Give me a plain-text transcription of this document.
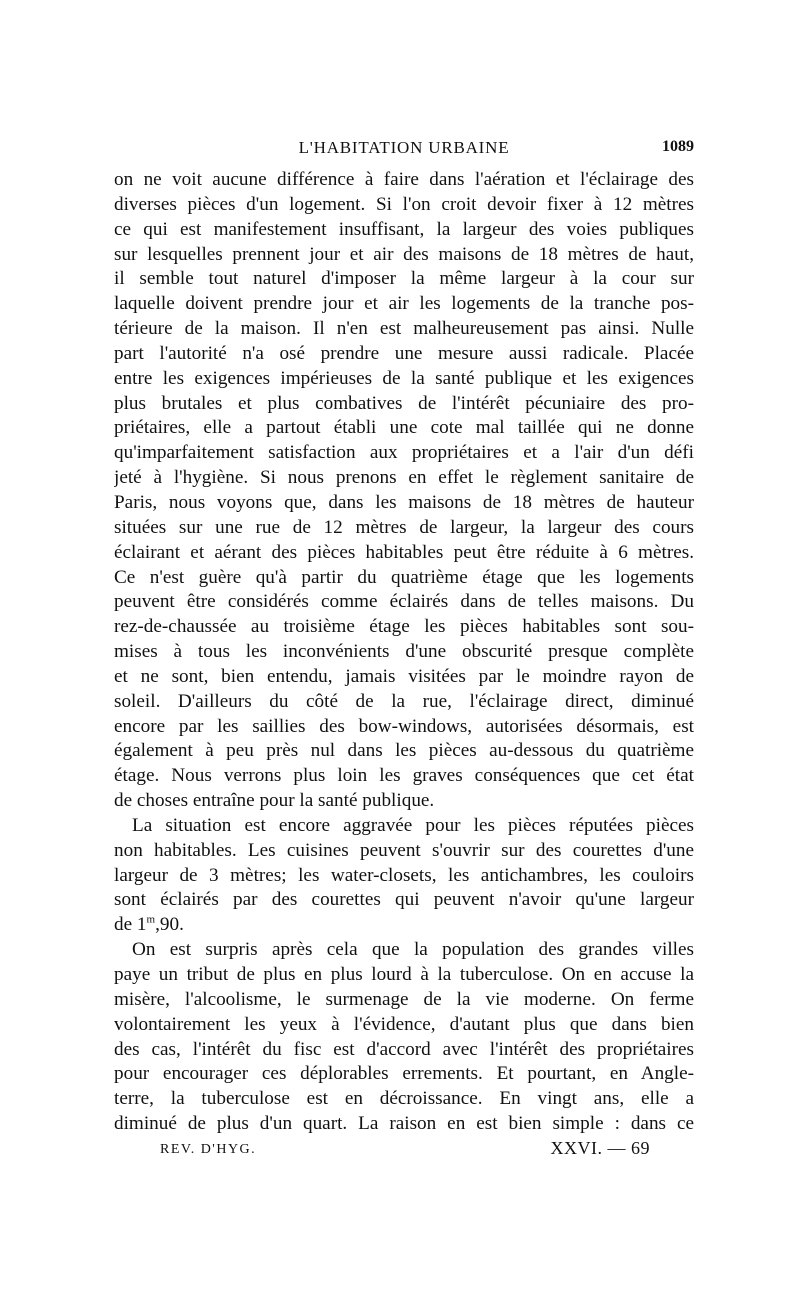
L'HABITATION URBAINE	1089
on ne voit aucune différence à faire dans l'aération et l'éclairage des
diverses pièces d'un logement. Si l'on croit devoir fixer à 12 mètres
ce qui est manifestement insuffisant, la largeur des voies publiques
sur lesquelles prennent jour et air des maisons de 18 mètres de haut,
il semble tout naturel d'imposer la même largeur à la cour sur
laquelle doivent prendre jour et air les logements de la tranche pos-
térieure de la maison. Il n'en est malheureusement pas ainsi. Nulle
part l'autorité n'a osé prendre une mesure aussi radicale. Placée
entre les exigences impérieuses de la santé publique et les exigences
plus brutales et plus combatives de l'intérêt pécuniaire des pro-
priétaires, elle a partout établi une cote mal taillée qui ne donne
qu'imparfaitement satisfaction aux propriétaires et a l'air d'un défi
jeté à l'hygiène. Si nous prenons en effet le règlement sanitaire de
Paris, nous voyons que, dans les maisons de 18 mètres de hauteur
situées sur une rue de 12 mètres de largeur, la largeur des cours
éclairant et aérant des pièces habitables peut être réduite à 6 mètres.
Ce n'est guère qu'à partir du quatrième étage que les logements
peuvent être considérés comme éclairés dans de telles maisons. Du
rez-de-chaussée au troisième étage les pièces habitables sont sou-
mises à tous les inconvénients d'une obscurité presque complète
et ne sont, bien entendu, jamais visitées par le moindre rayon de
soleil. D'ailleurs du côté de la rue, l'éclairage direct, diminué
encore par les saillies des bow-windows, autorisées désormais, est
également à peu près nul dans les pièces au-dessous du quatrième
étage. Nous verrons plus loin les graves conséquences que cet état
de choses entraîne pour la santé publique.
La situation est encore aggravée pour les pièces réputées pièces
non habitables. Les cuisines peuvent s'ouvrir sur des courettes d'une
largeur de 3 mètres; les water-closets, les antichambres, les couloirs
sont éclairés par des courettes qui peuvent n'avoir qu'une largeur
de 1$^m$,90.
On est surpris après cela que la population des grandes villes
paye un tribut de plus en plus lourd à la tuberculose. On en accuse la
misère, l'alcoolisme, le surmenage de la vie moderne. On ferme
volontairement les yeux à l'évidence, d'autant plus que dans bien
des cas, l'intérêt du fisc est d'accord avec l'intérêt des propriétaires
pour encourager ces déplorables errements. Et pourtant, en Angle-
terre, la tuberculose est en décroissance. En vingt ans, elle a
diminué de plus d'un quart. La raison en est bien simple : dans ce
REV. D'HYG.	XXVI. — 69
